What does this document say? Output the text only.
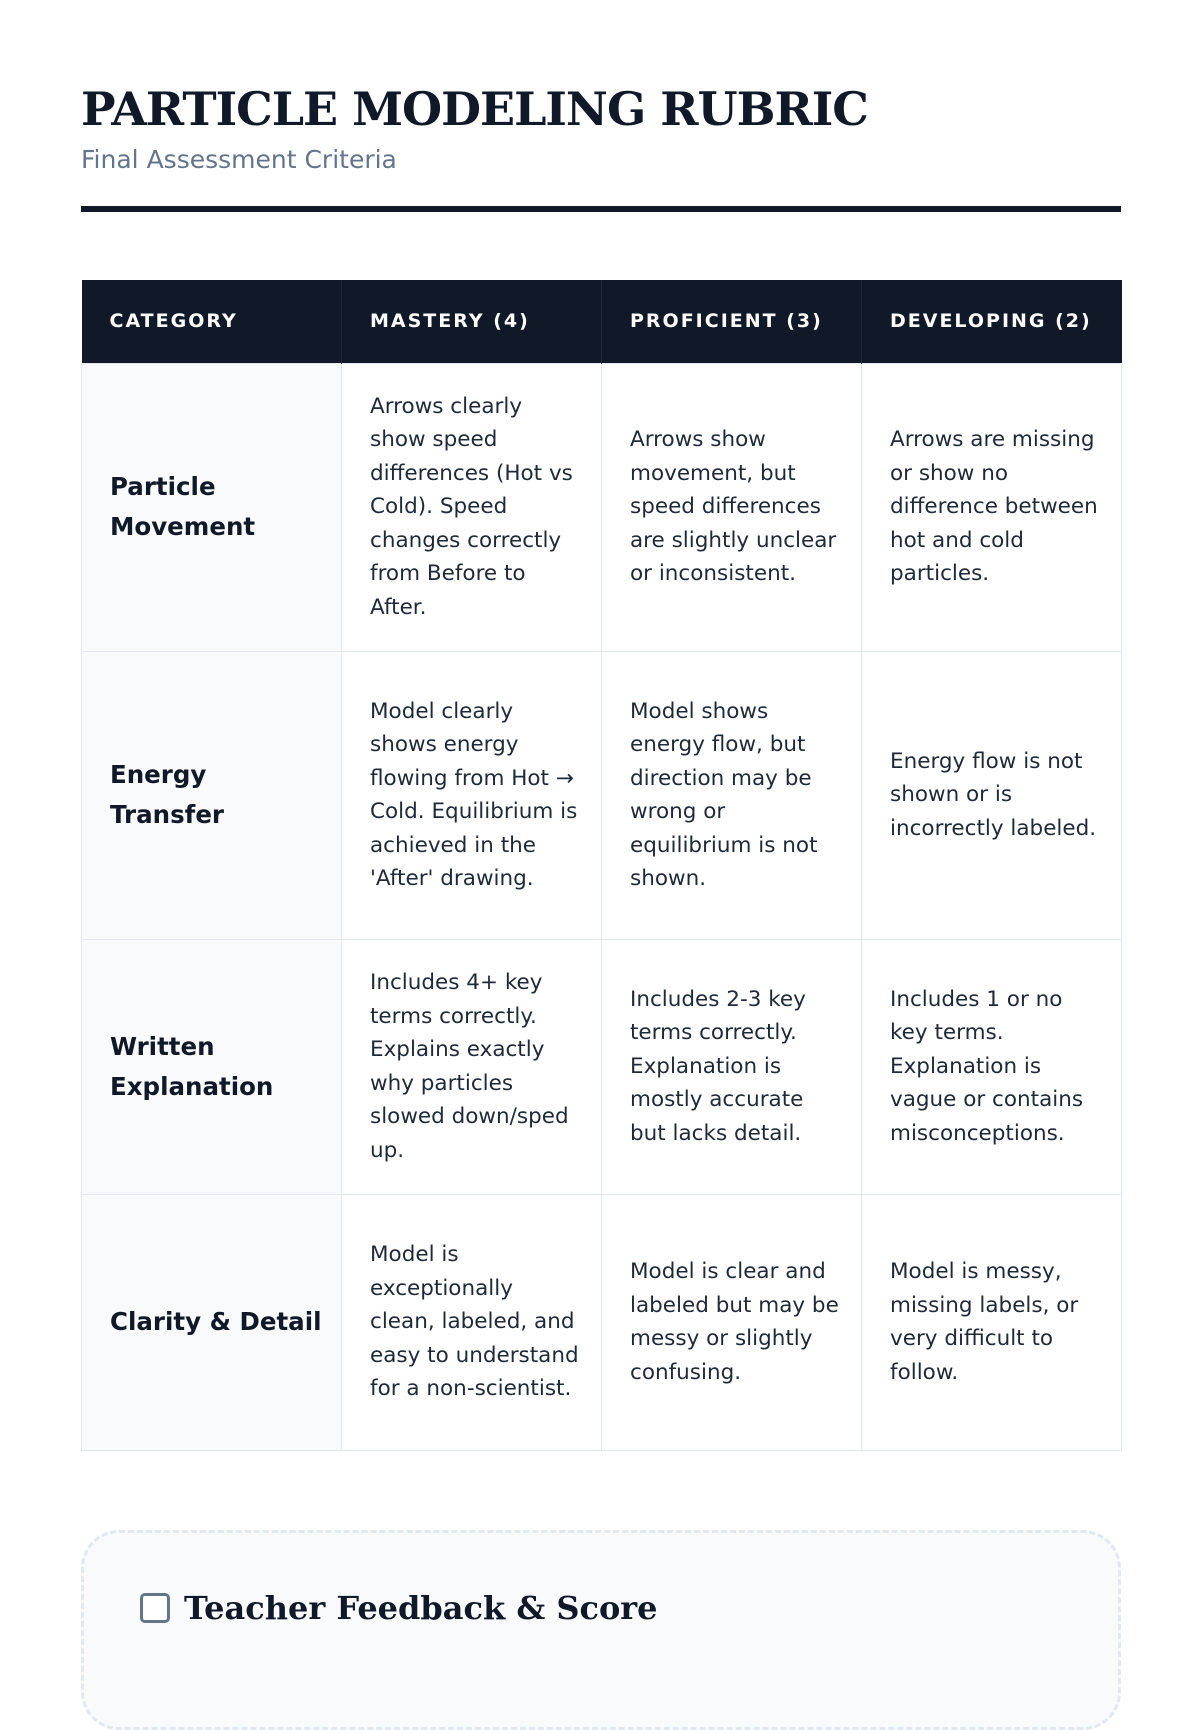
PARTICLE MODELING RUBRIC
Final Assessment Criteria
CATEGORY	MASTERY (4)	PROFICIENT (3)	DEVELOPING (2)
Particle Movement	Arrows clearly show speed differences (Hot vs Cold). Speed changes correctly from Before to After.	Arrows show movement, but speed differences are slightly unclear or inconsistent.	Arrows are missing or show no difference between hot and cold particles.
Energy Transfer	Model clearly shows energy flowing from Hot → Cold. Equilibrium is achieved in the 'After' drawing.	Model shows energy flow, but direction may be wrong or equilibrium is not shown.	Energy flow is not shown or is incorrectly labeled.
Written Explanation	Includes 4+ key terms correctly. Explains exactly why particles slowed down/sped up.	Includes 2-3 key terms correctly. Explanation is mostly accurate but lacks detail.	Includes 1 or no key terms. Explanation is vague or contains misconceptions.
Clarity & Detail	Model is exceptionally clean, labeled, and easy to understand for a non-scientist.	Model is clear and labeled but may be messy or slightly confusing.	Model is messy, missing labels, or very difficult to follow.
Teacher Feedback & Score
